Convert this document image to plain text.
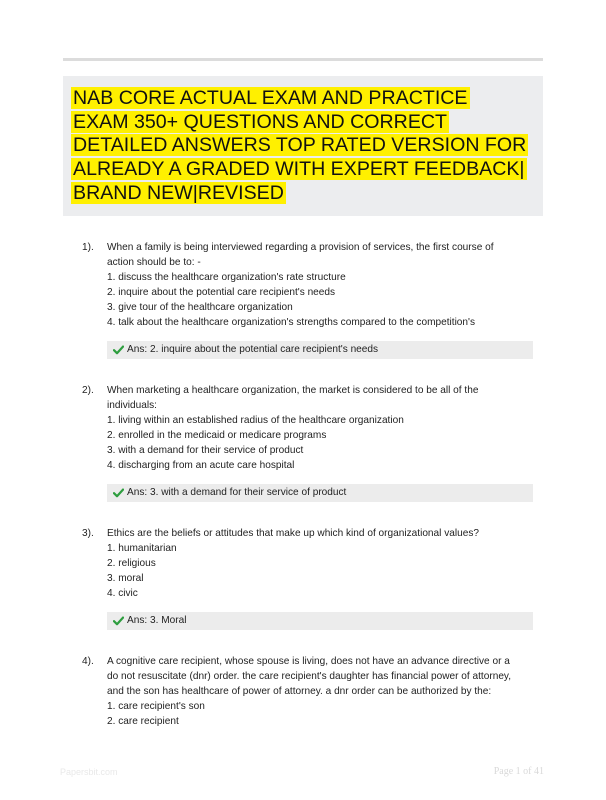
NAB CORE ACTUAL EXAM AND PRACTICE
EXAM 350+ QUESTIONS AND CORRECT
DETAILED ANSWERS TOP RATED VERSION FOR
ALREADY A GRADED WITH EXPERT FEEDBACK|
BRAND NEW|REVISED
1). When a family is being interviewed regarding a provision of services, the first course of
action should be to: -
1. discuss the healthcare organization's rate structure
2. inquire about the potential care recipient's needs
3. give tour of the healthcare organization
4. talk about the healthcare organization's strengths compared to the competition's
Ans: 2. inquire about the potential care recipient's needs
2). When marketing a healthcare organization, the market is considered to be all of the
individuals:
1. living within an established radius of the healthcare organization
2. enrolled in the medicaid or medicare programs
3. with a demand for their service of product
4. discharging from an acute care hospital
Ans: 3. with a demand for their service of product
3). Ethics are the beliefs or attitudes that make up which kind of organizational values?
1. humanitarian
2. religious
3. moral
4. civic
Ans: 3. Moral
4). A cognitive care recipient, whose spouse is living, does not have an advance directive or a
do not resuscitate (dnr) order. the care recipient's daughter has financial power of attorney,
and the son has healthcare of power of attorney. a dnr order can be authorized by the:
1. care recipient's son
2. care recipient
Papersbit.com	Page 1 of 41
